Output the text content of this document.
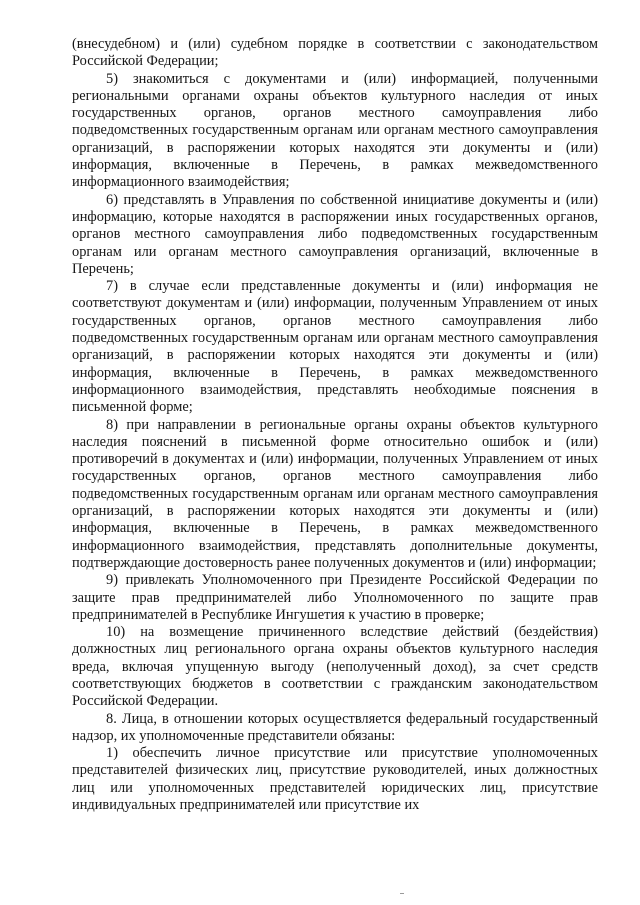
(внесудебном) и (или) судебном порядке в соответствии с законодательством Российской Федерации;

5) знакомиться с документами и (или) информацией, полученными региональными органами охраны объектов культурного наследия от иных государственных органов, органов местного самоуправления либо подведомственных государственным органам или органам местного самоуправления организаций, в распоряжении которых находятся эти документы и (или) информация, включенные в Перечень, в рамках межведомственного информационного взаимодействия;

6) представлять в Управления по собственной инициативе документы и (или) информацию, которые находятся в распоряжении иных государственных органов, органов местного самоуправления либо подведомственных государственным органам или органам местного самоуправления организаций, включенные в Перечень;

7) в случае если представленные документы и (или) информация не соответствуют документам и (или) информации, полученным Управлением от иных государственных органов, органов местного самоуправления либо подведомственных государственным органам или органам местного самоуправления организаций, в распоряжении которых находятся эти документы и (или) информация, включенные в Перечень, в рамках межведомственного информационного взаимодействия, представлять необходимые пояснения в письменной форме;

8) при направлении в региональные органы охраны объектов культурного наследия пояснений в письменной форме относительно ошибок и (или) противоречий в документах и (или) информации, полученных Управлением от иных государственных органов, органов местного самоуправления либо подведомственных государственным органам или органам местного самоуправления организаций, в распоряжении которых находятся эти документы и (или) информация, включенные в Перечень, в рамках межведомственного информационного взаимодействия, представлять дополнительные документы, подтверждающие достоверность ранее полученных документов и (или) информации;

9) привлекать Уполномоченного при Президенте Российской Федерации по защите прав предпринимателей либо Уполномоченного по защите прав предпринимателей в Республике Ингушетия к участию в проверке;

10) на возмещение причиненного вследствие действий (бездействия) должностных лиц регионального органа охраны объектов культурного наследия вреда, включая упущенную выгоду (неполученный доход), за счет средств соответствующих бюджетов в соответствии с гражданским законодательством Российской Федерации.

8. Лица, в отношении которых осуществляется федеральный государственный надзор, их уполномоченные представители обязаны:

1) обеспечить личное присутствие или присутствие уполномоченных представителей физических лиц, присутствие руководителей, иных должностных лиц или уполномоченных представителей юридических лиц, присутствие индивидуальных предпринимателей или присутствие их
